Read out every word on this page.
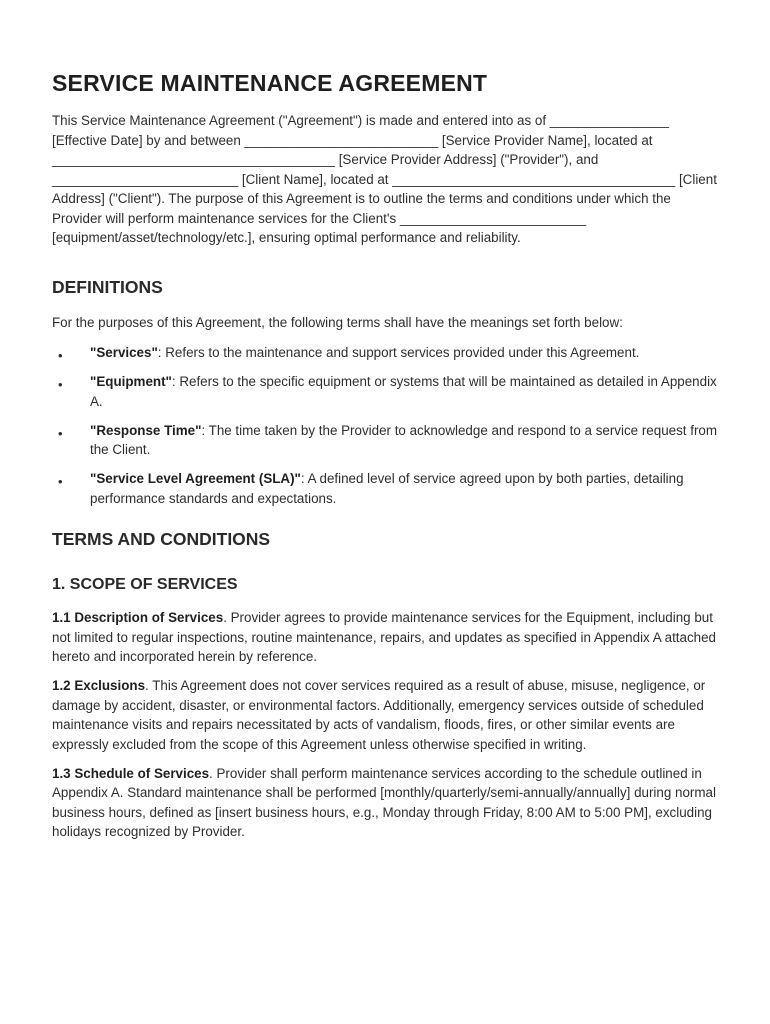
SERVICE MAINTENANCE AGREEMENT

This Service Maintenance Agreement ("Agreement") is made and entered into as of ________________ [Effective Date] by and between __________________________ [Service Provider Name], located at ______________________________________ [Service Provider Address] ("Provider"), and _________________________ [Client Name], located at ______________________________________ [Client Address] ("Client"). The purpose of this Agreement is to outline the terms and conditions under which the Provider will perform maintenance services for the Client's _________________________ [equipment/asset/technology/etc.], ensuring optimal performance and reliability.

DEFINITIONS

For the purposes of this Agreement, the following terms shall have the meanings set forth below:

• "Services": Refers to the maintenance and support services provided under this Agreement.
• "Equipment": Refers to the specific equipment or systems that will be maintained as detailed in Appendix A.
• "Response Time": The time taken by the Provider to acknowledge and respond to a service request from the Client.
• "Service Level Agreement (SLA)": A defined level of service agreed upon by both parties, detailing performance standards and expectations.
TERMS AND CONDITIONS
1. SCOPE OF SERVICES

1.1 Description of Services. Provider agrees to provide maintenance services for the Equipment, including but not limited to regular inspections, routine maintenance, repairs, and updates as specified in Appendix A attached hereto and incorporated herein by reference.

1.2 Exclusions. This Agreement does not cover services required as a result of abuse, misuse, negligence, or damage by accident, disaster, or environmental factors. Additionally, emergency services outside of scheduled maintenance visits and repairs necessitated by acts of vandalism, floods, fires, or other similar events are expressly excluded from the scope of this Agreement unless otherwise specified in writing.

1.3 Schedule of Services. Provider shall perform maintenance services according to the schedule outlined in Appendix A. Standard maintenance shall be performed [monthly/quarterly/semi-annually/annually] during normal business hours, defined as [insert business hours, e.g., Monday through Friday, 8:00 AM to 5:00 PM], excluding holidays recognized by Provider.
